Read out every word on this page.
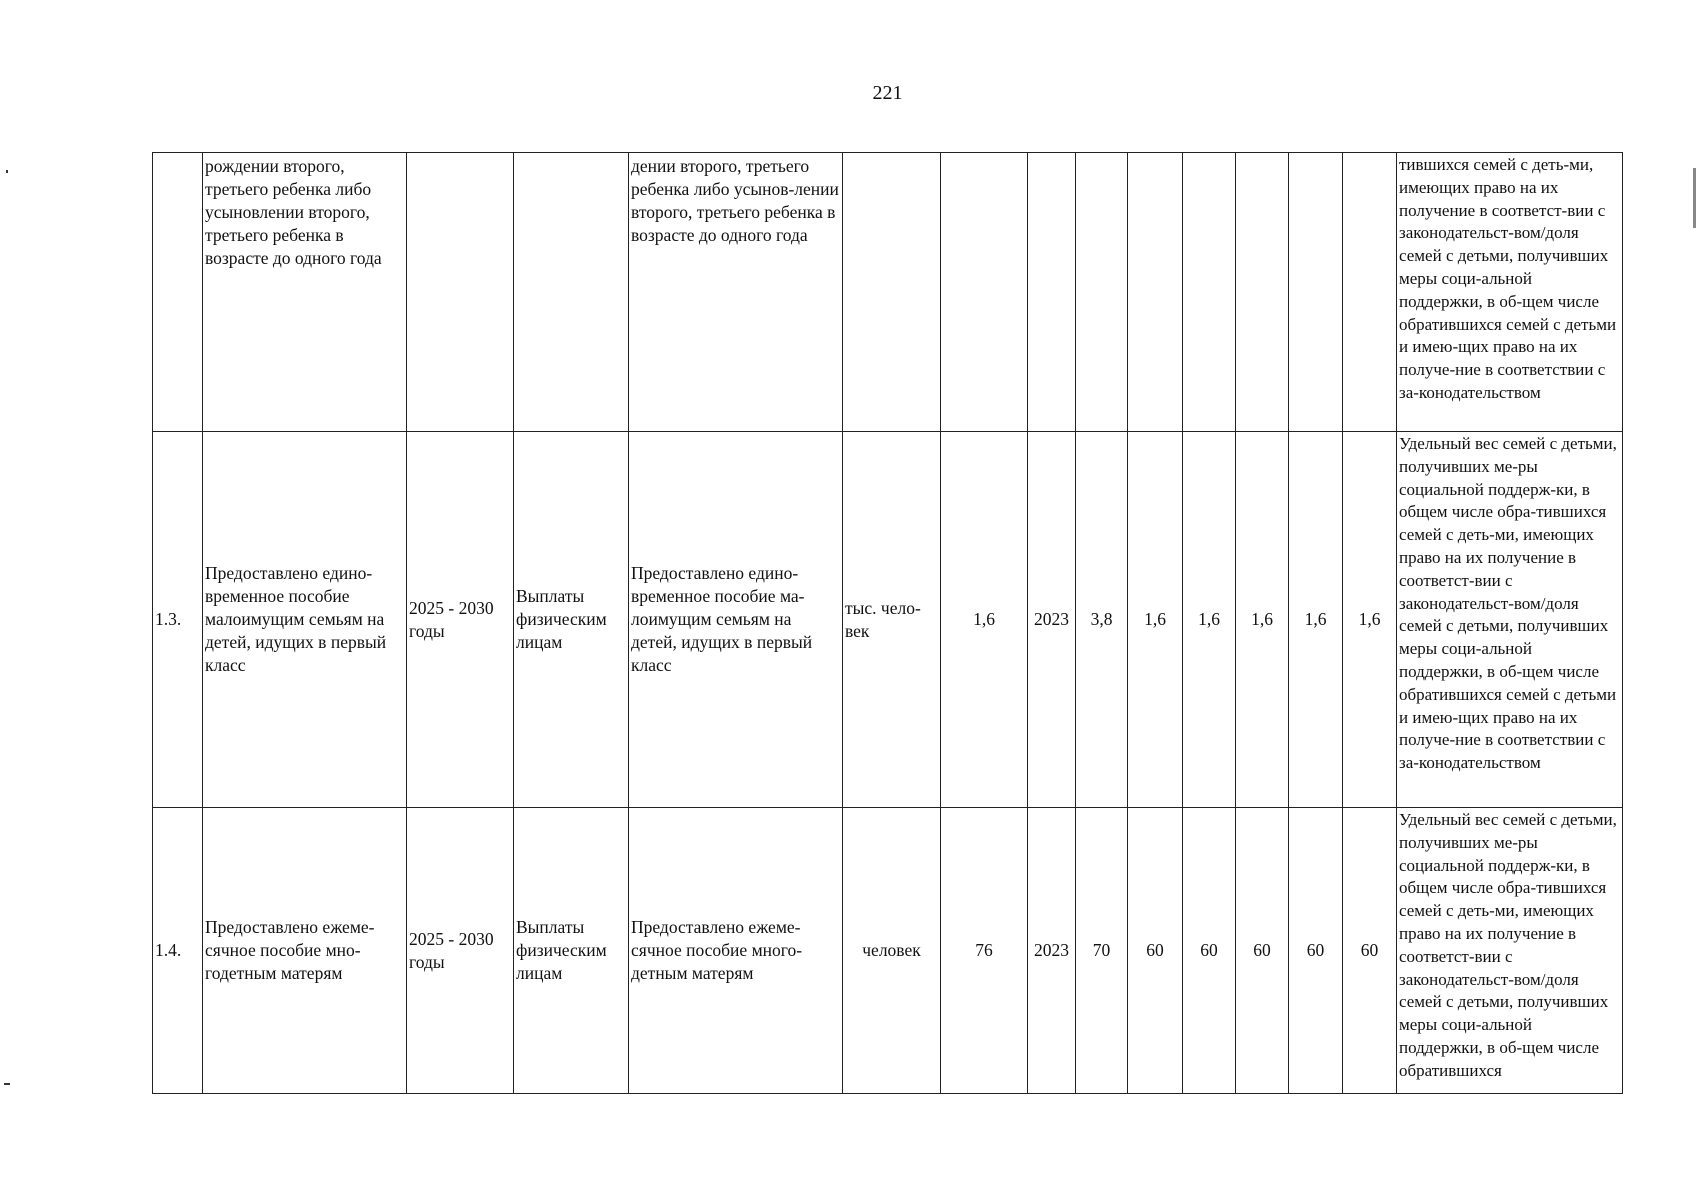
221
	рождении второго, третьего ребенка либо усыновлении второго, третьего ребенка в возрасте до одного года			дении второго, третьего ребенка либо усынов-лении второго, третьего ребенка в возрасте до одного года										тившихся семей с деть-ми, имеющих право на их получение в соответст-вии с законодательст-вом/доля семей с детьми, получивших меры соци-альной поддержки, в об-щем числе обратившихся семей с детьми и имею-щих право на их получе-ние в соответствии с за-конодательством
1.3.	Предоставлено едино-временное пособие малоимущим семьям на детей, идущих в первый класс	2025 - 2030 годы	Выплаты физическим лицам	Предоставлено едино-временное пособие ма-лоимущим семьям на детей, идущих в первый класс	тыс. чело-век	1,6	2023	3,8	1,6	1,6	1,6	1,6	1,6	Удельный вес семей с детьми, получивших ме-ры социальной поддерж-ки, в общем числе обра-тившихся семей с деть-ми, имеющих право на их получение в соответст-вии с законодательст-вом/доля семей с детьми, получивших меры соци-альной поддержки, в об-щем числе обратившихся семей с детьми и имею-щих право на их получе-ние в соответствии с за-конодательством
1.4.	Предоставлено ежеме-сячное пособие мно-годетным матерям	2025 - 2030 годы	Выплаты физическим лицам	Предоставлено ежеме-сячное пособие много-детным матерям	человек	76	2023	70	60	60	60	60	60	Удельный вес семей с детьми, получивших ме-ры социальной поддерж-ки, в общем числе обра-тившихся семей с деть-ми, имеющих право на их получение в соответст-вии с законодательст-вом/доля семей с детьми, получивших меры соци-альной поддержки, в об-щем числе обратившихся
